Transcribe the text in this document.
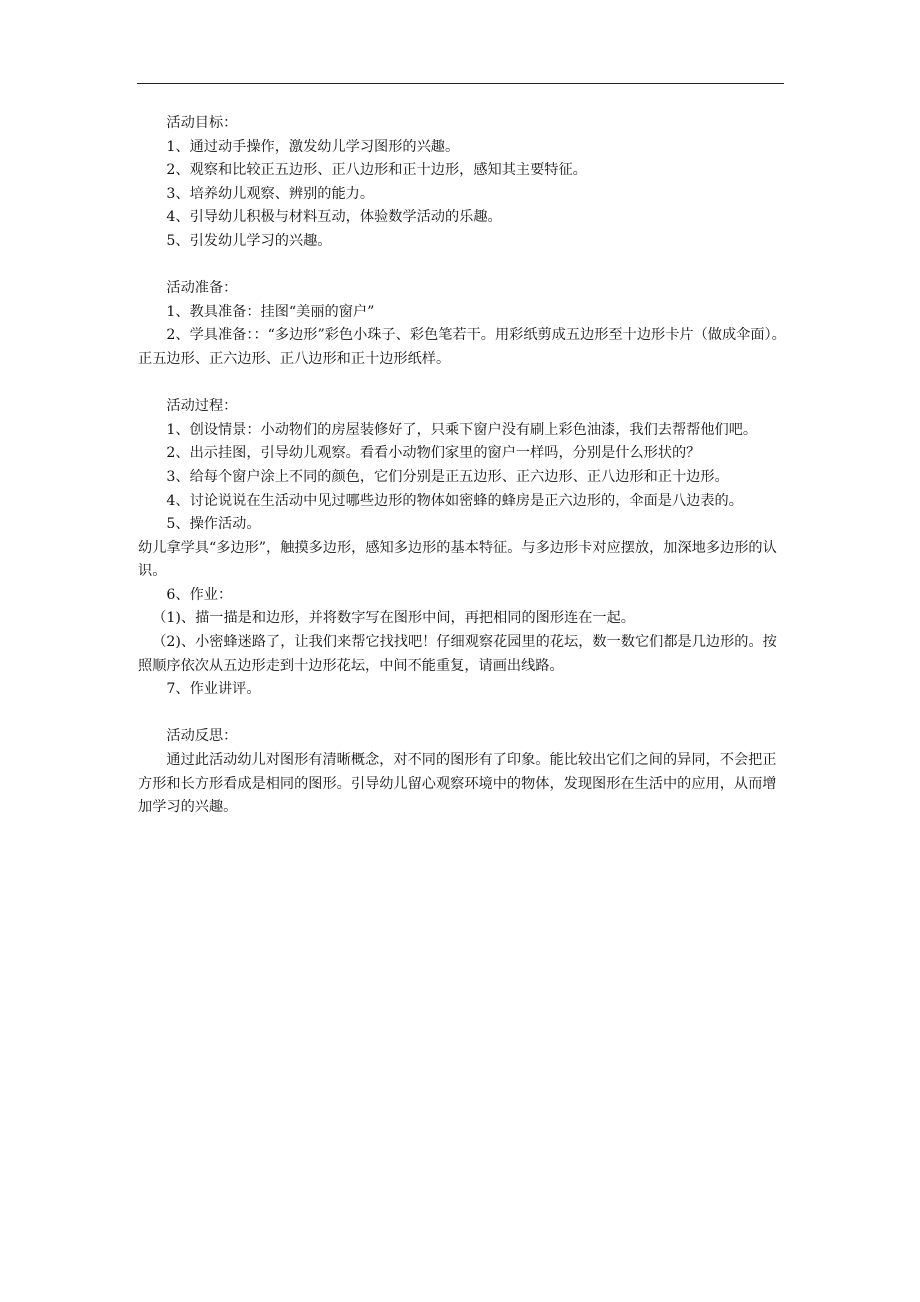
活动目标：

1、通过动手操作，激发幼儿学习图形的兴趣。

2、观察和比较正五边形、正八边形和正十边形，感知其主要特征。

3、培养幼儿观察、辨别的能力。

4、引导幼儿积极与材料互动，体验数学活动的乐趣。

5、引发幼儿学习的兴趣。

活动准备：

1、教具准备：挂图“美丽的窗户”

2、学具准备：：“多边形”彩色小珠子、彩色笔若干。用彩纸剪成五边形至十边形卡片（做成伞面）。正五边形、正六边形、正八边形和正十边形纸样。

活动过程：

1、创设情景：小动物们的房屋装修好了，只乘下窗户没有刷上彩色油漆，我们去帮帮他们吧。

2、出示挂图，引导幼儿观察。看看小动物们家里的窗户一样吗，分别是什么形状的？

3、给每个窗户涂上不同的颜色，它们分别是正五边形、正六边形、正八边形和正十边形。

4、讨论说说在生活动中见过哪些边形的物体如密蜂的蜂房是正六边形的，伞面是八边表的。

5、操作活动。

幼儿拿学具“多边形”，触摸多边形，感知多边形的基本特征。与多边形卡对应摆放，加深地多边形的认识。

6、作业：

（1)、描一描是和边形，并将数字写在图形中间，再把相同的图形连在一起。

（2)、小密蜂迷路了，让我们来帮它找找吧！仔细观察花园里的花坛，数一数它们都是几边形的。按照顺序依次从五边形走到十边形花坛，中间不能重复，请画出线路。

7、作业讲评。

活动反思：

通过此活动幼儿对图形有清晰概念，对不同的图形有了印象。能比较出它们之间的异同，不会把正方形和长方形看成是相同的图形。引导幼儿留心观察环境中的物体，发现图形在生活中的应用，从而增加学习的兴趣。
